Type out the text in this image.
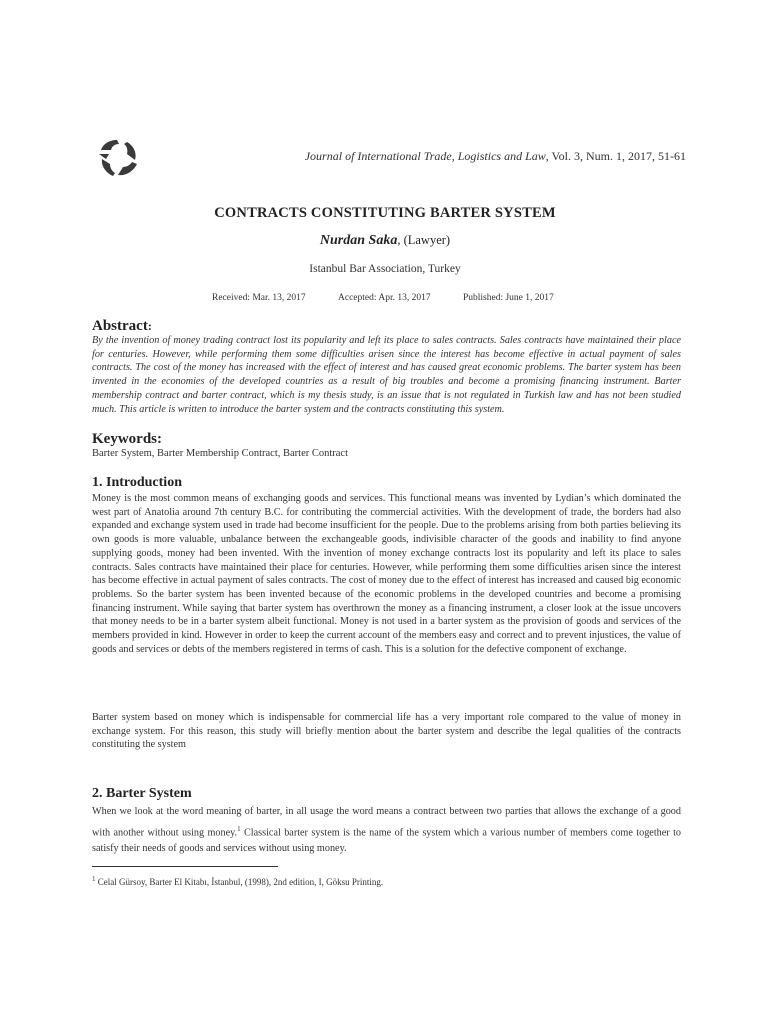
Journal of International Trade, Logistics and Law, Vol. 3, Num. 1, 2017, 51-61
CONTRACTS CONSTITUTING BARTER SYSTEM
Nurdan Saka, (Lawyer)
Istanbul Bar Association, Turkey
Received: Mar. 13, 2017	Accepted: Apr. 13, 2017	Published: June 1, 2017
Abstract:
By the invention of money trading contract lost its popularity and left its place to sales contracts. Sales contracts have maintained their place for centuries. However, while performing them some difficulties arisen since the interest has become effective in actual payment of sales contracts. The cost of the money has increased with the effect of interest and has caused great economic problems. The barter system has been invented in the economies of the developed countries as a result of big troubles and become a promising financing instrument. Barter membership contract and barter contract, which is my thesis study, is an issue that is not regulated in Turkish law and has not been studied much. This article is written to introduce the barter system and the contracts constituting this system.
Keywords:
Barter System, Barter Membership Contract, Barter Contract
1. Introduction
Money is the most common means of exchanging goods and services. This functional means was invented by Lydian’s which dominated the west part of Anatolia around 7th century B.C. for contributing the commercial activities. With the development of trade, the borders had also expanded and exchange system used in trade had become insufficient for the people. Due to the problems arising from both parties believing its own goods is more valuable, unbalance between the exchangeable goods, indivisible character of the goods and inability to find anyone supplying goods, money had been invented. With the invention of money exchange contracts lost its popularity and left its place to sales contracts. Sales contracts have maintained their place for centuries. However, while performing them some difficulties arisen since the interest has become effective in actual payment of sales contracts. The cost of money due to the effect of interest has increased and caused big economic problems. So the barter system has been invented because of the economic problems in the developed countries and become a promising financing instrument. While saying that barter system has overthrown the money as a financing instrument, a closer look at the issue uncovers that money needs to be in a barter system albeit functional. Money is not used in a barter system as the provision of goods and services of the members provided in kind. However in order to keep the current account of the members easy and correct and to prevent injustices, the value of goods and services or debts of the members registered in terms of cash. This is a solution for the defective component of exchange.
Barter system based on money which is indispensable for commercial life has a very important role compared to the value of money in exchange system. For this reason, this study will briefly mention about the barter system and describe the legal qualities of the contracts constituting the system
2. Barter System
When we look at the word meaning of barter, in all usage the word means a contract between two parties that allows the exchange of a good with another without using money.$^1$ Classical barter system is the name of the system which a various number of members come together to satisfy their needs of goods and services without using money.
$^1$ Celal Gürsoy, Barter El Kitabı, İstanbul, (1998), 2nd edition, I, Göksu Printing.
